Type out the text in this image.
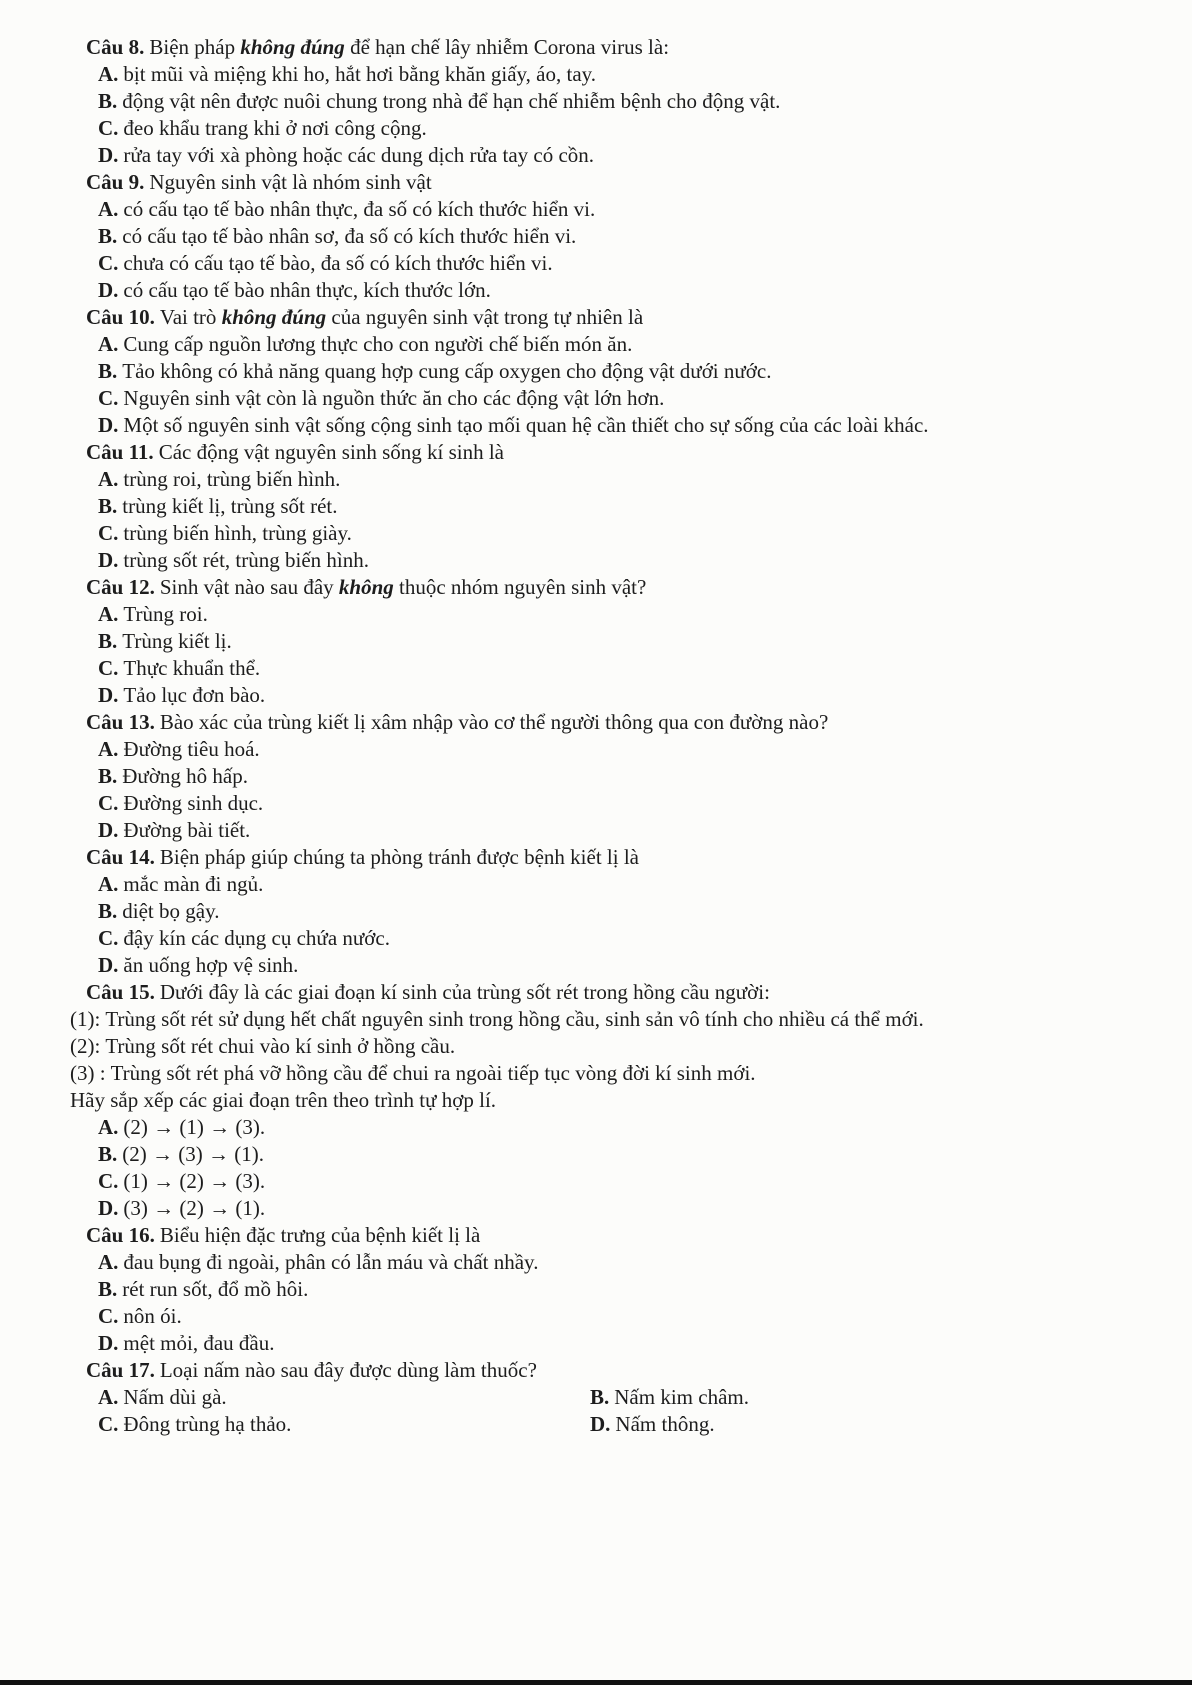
Câu 8. Biện pháp không đúng để hạn chế lây nhiễm Corona virus là:
A. bịt mũi và miệng khi ho, hắt hơi bằng khăn giấy, áo, tay.
B. động vật nên được nuôi chung trong nhà để hạn chế nhiễm bệnh cho động vật.
C. đeo khẩu trang khi ở nơi công cộng.
D. rửa tay với xà phòng hoặc các dung dịch rửa tay có cồn.
Câu 9. Nguyên sinh vật là nhóm sinh vật
A. có cấu tạo tế bào nhân thực, đa số có kích thước hiển vi.
B. có cấu tạo tế bào nhân sơ, đa số có kích thước hiển vi.
C. chưa có cấu tạo tế bào, đa số có kích thước hiển vi.
D. có cấu tạo tế bào nhân thực, kích thước lớn.
Câu 10. Vai trò không đúng của nguyên sinh vật trong tự nhiên là
A. Cung cấp nguồn lương thực cho con người chế biến món ăn.
B. Tảo không có khả năng quang hợp cung cấp oxygen cho động vật dưới nước.
C. Nguyên sinh vật còn là nguồn thức ăn cho các động vật lớn hơn.
D. Một số nguyên sinh vật sống cộng sinh tạo mối quan hệ cần thiết cho sự sống của các loài khác.
Câu 11. Các động vật nguyên sinh sống kí sinh là
A. trùng roi, trùng biến hình.
B. trùng kiết lị, trùng sốt rét.
C. trùng biến hình, trùng giày.
D. trùng sốt rét, trùng biến hình.
Câu 12. Sinh vật nào sau đây không thuộc nhóm nguyên sinh vật?
A. Trùng roi.
B. Trùng kiết lị.
C. Thực khuẩn thể.
D. Tảo lục đơn bào.
Câu 13. Bào xác của trùng kiết lị xâm nhập vào cơ thể người thông qua con đường nào?
A. Đường tiêu hoá.
B. Đường hô hấp.
C. Đường sinh dục.
D. Đường bài tiết.
Câu 14. Biện pháp giúp chúng ta phòng tránh được bệnh kiết lị là
A. mắc màn đi ngủ.
B. diệt bọ gậy.
C. đậy kín các dụng cụ chứa nước.
D. ăn uống hợp vệ sinh.
Câu 15. Dưới đây là các giai đoạn kí sinh của trùng sốt rét trong hồng cầu người:
(1): Trùng sốt rét sử dụng hết chất nguyên sinh trong hồng cầu, sinh sản vô tính cho nhiều cá thể mới.
(2): Trùng sốt rét chui vào kí sinh ở hồng cầu.
(3) : Trùng sốt rét phá vỡ hồng cầu để chui ra ngoài tiếp tục vòng đời kí sinh mới.
Hãy sắp xếp các giai đoạn trên theo trình tự hợp lí.
A. (2) → (1) → (3).
B. (2) → (3) → (1).
C. (1) → (2) → (3).
D. (3) → (2) → (1).
Câu 16. Biểu hiện đặc trưng của bệnh kiết lị là
A. đau bụng đi ngoài, phân có lẫn máu và chất nhầy.
B. rét run sốt, đổ mồ hôi.
C. nôn ói.
D. mệt mỏi, đau đầu.
Câu 17. Loại nấm nào sau đây được dùng làm thuốc?
A. Nấm dùi gà.	B. Nấm kim châm.
C. Đông trùng hạ thảo.	D. Nấm thông.
